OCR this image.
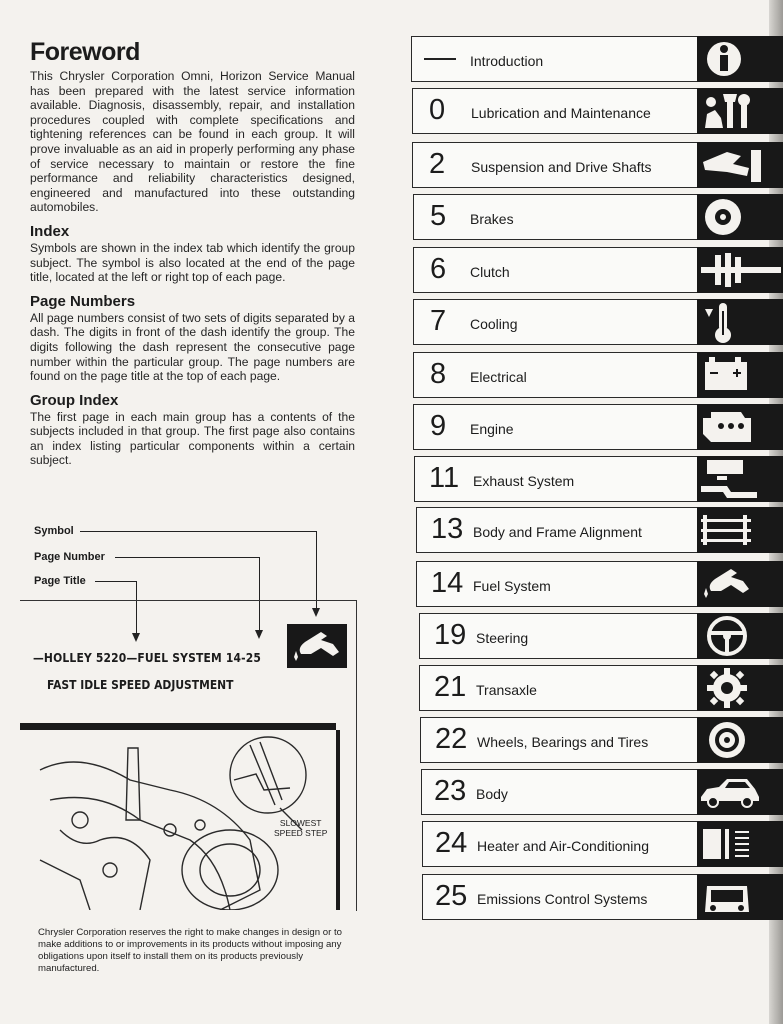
Foreword

This Chrysler Corporation Omni, Horizon Service Manual has been prepared with the latest service information available. Diagnosis, disassembly, repair, and installation procedures coupled with complete specifications and tightening references can be found in each group. It will prove invaluable as an aid in properly performing any phase of service necessary to maintain or restore the fine performance and reliability characteristics designed, engineered and manufactured into these outstanding automobiles.

Index

Symbols are shown in the index tab which identify the group subject. The symbol is also located at the end of the page title, located at the left or right top of each page.

Page Numbers

All page numbers consist of two sets of digits separated by a dash. The digits in front of the dash identify the group. The digits following the dash represent the consecutive page number within the particular group. The page numbers are found on the page title at the top of each page.

Group Index

The first page in each main group has a contents of the subjects included in that group. The first page also contains an index listing particular components within a certain subject.

Symbol
Page Number
Page Title
—HOLLEY 5220—FUEL SYSTEM 14-25
FAST IDLE SPEED ADJUSTMENT
SLOWEST
SPEED STEP
Chrysler Corporation reserves the right to make changes in design or to make additions to or improvements in its products without imposing any obligations upon itself to install them on its products previously manufactured.
Introduction
0 Lubrication and Maintenance
2 Suspension and Drive Shafts
5 Brakes
6 Clutch
7 Cooling
8 Electrical
9 Engine
11 Exhaust System
13 Body and Frame Alignment
14 Fuel System
19 Steering
21 Transaxle
22 Wheels, Bearings and Tires
23 Body
24 Heater and Air-Conditioning
25 Emissions Control Systems
